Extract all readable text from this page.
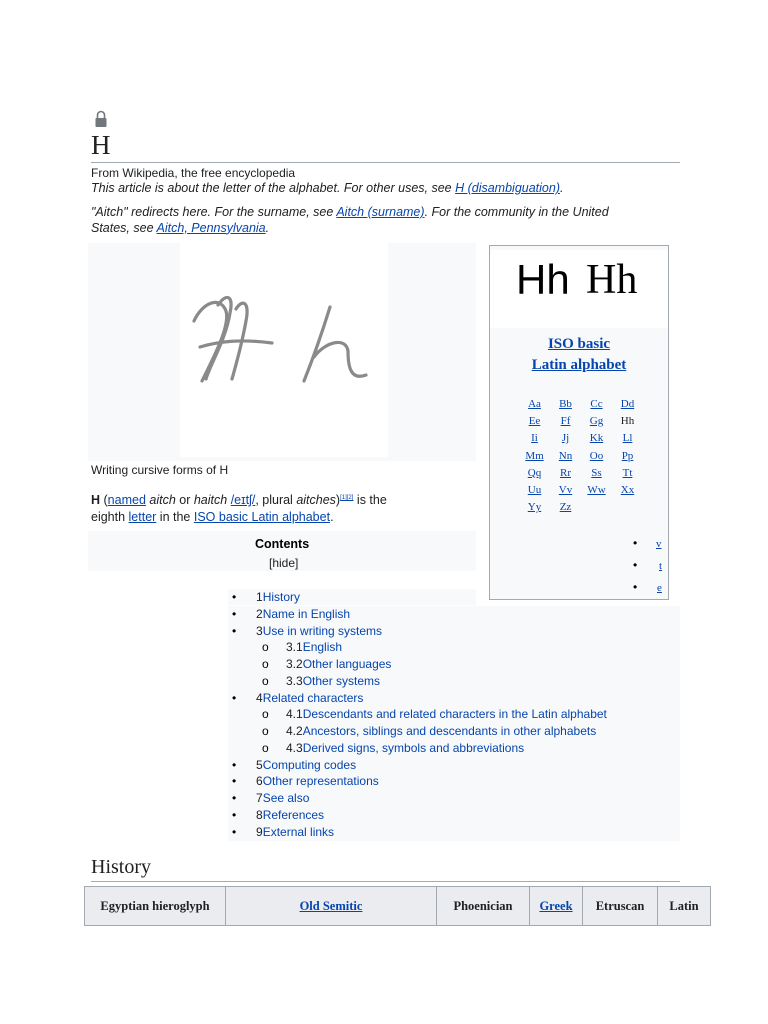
H
From Wikipedia, the free encyclopedia
This article is about the letter of the alphabet. For other uses, see H (disambiguation).
"Aitch" redirects here. For the surname, see Aitch (surname). For the community in the United States, see Aitch, Pennsylvania.
Writing cursive forms of H
H (named aitch or haitch /eɪtʃ/, plural aitches)[1][2] is the eighth letter in the ISO basic Latin alphabet.
Hh Hh
ISO basic
Latin alphabet
Aa	Bb	Cc	Dd
Ee	Ff	Gg	Hh
Ii	Jj	Kk	Ll
Mm	Nn	Oo	Pp
Qq	Rr	Ss	Tt
Uu	Vv	Ww	Xx
Yy	Zz
• v
• t
• e
Contents
[hide]
• 1History
• 2Name in English
• 3Use in writing systems
o 3.1English
o 3.2Other languages
o 3.3Other systems
• 4Related characters
o 4.1Descendants and related characters in the Latin alphabet
o 4.2Ancestors, siblings and descendants in other alphabets
o 4.3Derived signs, symbols and abbreviations
• 5Computing codes
• 6Other representations
• 7See also
• 8References
• 9External links
History
Egyptian hieroglyph	Old Semitic	Phoenician	Greek	Etruscan	Latin
